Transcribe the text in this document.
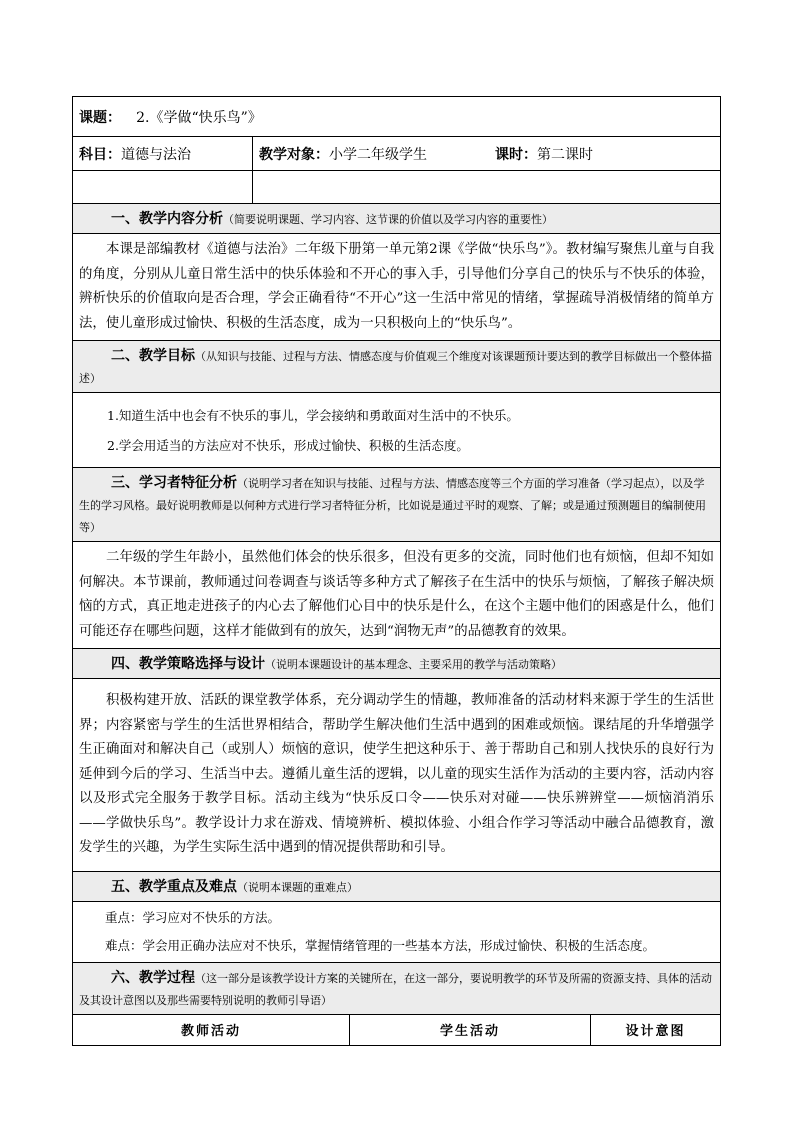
课题： 2.《学做“快乐鸟”》	
科目：道德与法治	教学对象：小学二年级学生 课时：第二课时

一、教学内容分析（简要说明课题、学习内容、这节课的价值以及学习内容的重要性）	
本课是部编教材《道德与法治》二年级下册第一单元第2课《学做“快乐鸟”》。教材编写聚焦儿童与自我的角度，分别从儿童日常生活中的快乐体验和不开心的事入手，引导他们分享自己的快乐与不快乐的体验，辨析快乐的价值取向是否合理，学会正确看待“不开心”这一生活中常见的情绪，掌握疏导消极情绪的简单方法，使儿童形成过愉快、积极的生活态度，成为一只积极向上的“快乐鸟”。	
二、教学目标（从知识与技能、过程与方法、情感态度与价值观三个维度对该课题预计要达到的教学目标做出一个整体描述）	

1.知道生活中也会有不快乐的事儿，学会接纳和勇敢面对生活中的不快乐。
2.学会用适当的方法应对不快乐，形成过愉快、积极的生活态度。	

三、学习者特征分析（说明学习者在知识与技能、过程与方法、情感态度等三个方面的学习准备（学习起点），以及学生的学习风格。最好说明教师是以何种方式进行学习者特征分析，比如说是通过平时的观察、了解；或是通过预测题目的编制使用等）	
二年级的学生年龄小，虽然他们体会的快乐很多，但没有更多的交流，同时他们也有烦恼，但却不知如何解决。本节课前，教师通过问卷调查与谈话等多种方式了解孩子在生活中的快乐与烦恼，了解孩子解决烦恼的方式，真正地走进孩子的内心去了解他们心目中的快乐是什么，在这个主题中他们的困惑是什么，他们可能还存在哪些问题，这样才能做到有的放矢，达到“润物无声”的品德教育的效果。	
四、教学策略选择与设计（说明本课题设计的基本理念、主要采用的教学与活动策略）	
积极构建开放、活跃的课堂教学体系，充分调动学生的情趣，教师准备的活动材料来源于学生的生活世界；内容紧密与学生的生活世界相结合，帮助学生解决他们生活中遇到的困难或烦恼。课结尾的升华增强学生正确面对和解决自己（或别人）烦恼的意识，使学生把这种乐于、善于帮助自己和别人找快乐的良好行为延伸到今后的学习、生活当中去。遵循儿童生活的逻辑，以儿童的现实生活作为活动的主要内容，活动内容以及形式完全服务于教学目标。活动主线为“快乐反口令——快乐对对碰——快乐辨辨堂——烦恼消消乐——学做快乐鸟”。教学设计力求在游戏、情境辨析、模拟体验、小组合作学习等活动中融合品德教育，激发学生的兴趣，为学生实际生活中遇到的情况提供帮助和引导。	
五、教学重点及难点（说明本课题的重难点）	

重点：学习应对不快乐的方法。
难点：学会用正确办法应对不快乐，掌握情绪管理的一些基本方法，形成过愉快、积极的生活态度。	

六、教学过程（这一部分是该教学设计方案的关键所在，在这一部分，要说明教学的环节及所需的资源支持、具体的活动及其设计意图以及那些需要特别说明的教师引导语）	

教师活动 学生活动 设计意图	
